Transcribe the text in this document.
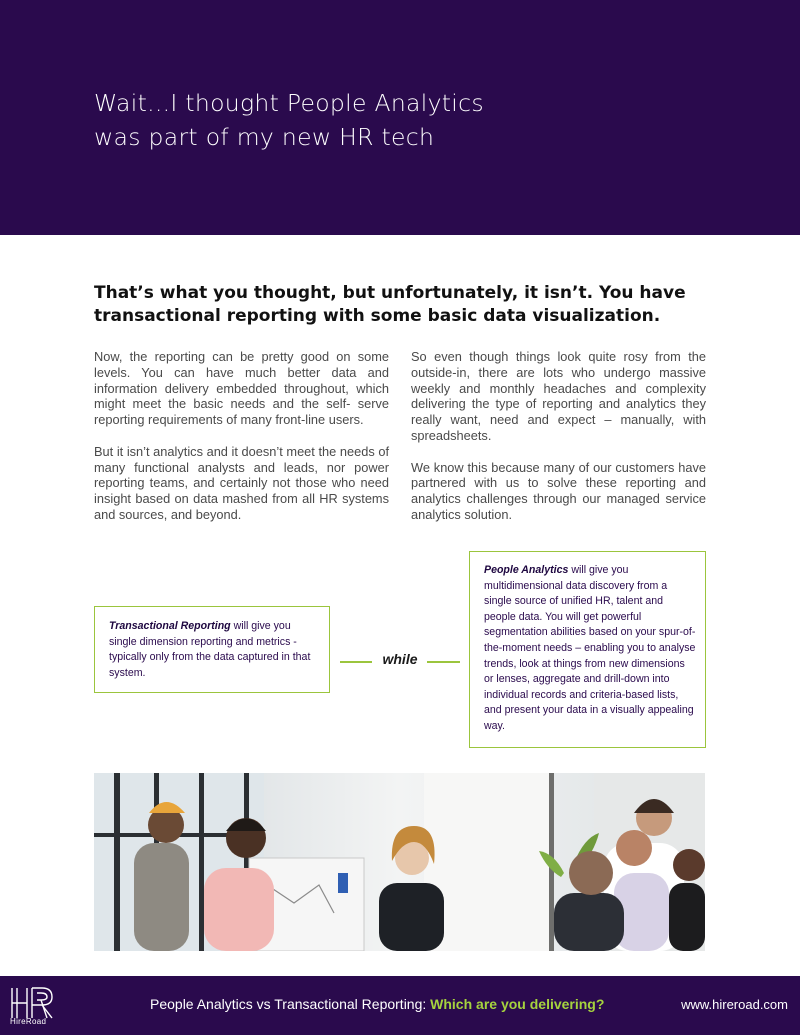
Wait...I thought People Analytics
was part of my new HR tech
That’s what you thought, but unfortunately, it isn’t. You have
transactional reporting with some basic data visualization.

Now, the reporting can be pretty good on some levels. You can have much better data and information delivery embedded throughout, which might meet the basic needs and the self- serve reporting requirements of many front-line users.

But it isn’t analytics and it doesn’t meet the needs of many functional analysts and leads, nor power reporting teams, and certainly not those who need insight based on data mashed from all HR systems and sources, and beyond.

So even though things look quite rosy from the outside-in, there are lots who undergo massive weekly and monthly headaches and complexity delivering the type of reporting and analytics they really want, need and expect – manually, with spreadsheets.

We know this because many of our customers have partnered with us to solve these reporting and analytics challenges through our managed service analytics solution.

Transactional Reporting will give you single dimension reporting and metrics - typically only from the data captured in that system.
while
People Analytics will give you multidimensional data discovery from a single source of unified HR, talent and people data. You will get powerful segmentation abilities based on your spur-of-the-moment needs – enabling you to analyse trends, look at things from new dimensions or lenses, aggregate and drill-down into individual records and criteria-based lists, and present your data in a visually appealing way.
HireRoad
People Analytics vs Transactional Reporting: Which are you delivering?	www.hireroad.com
